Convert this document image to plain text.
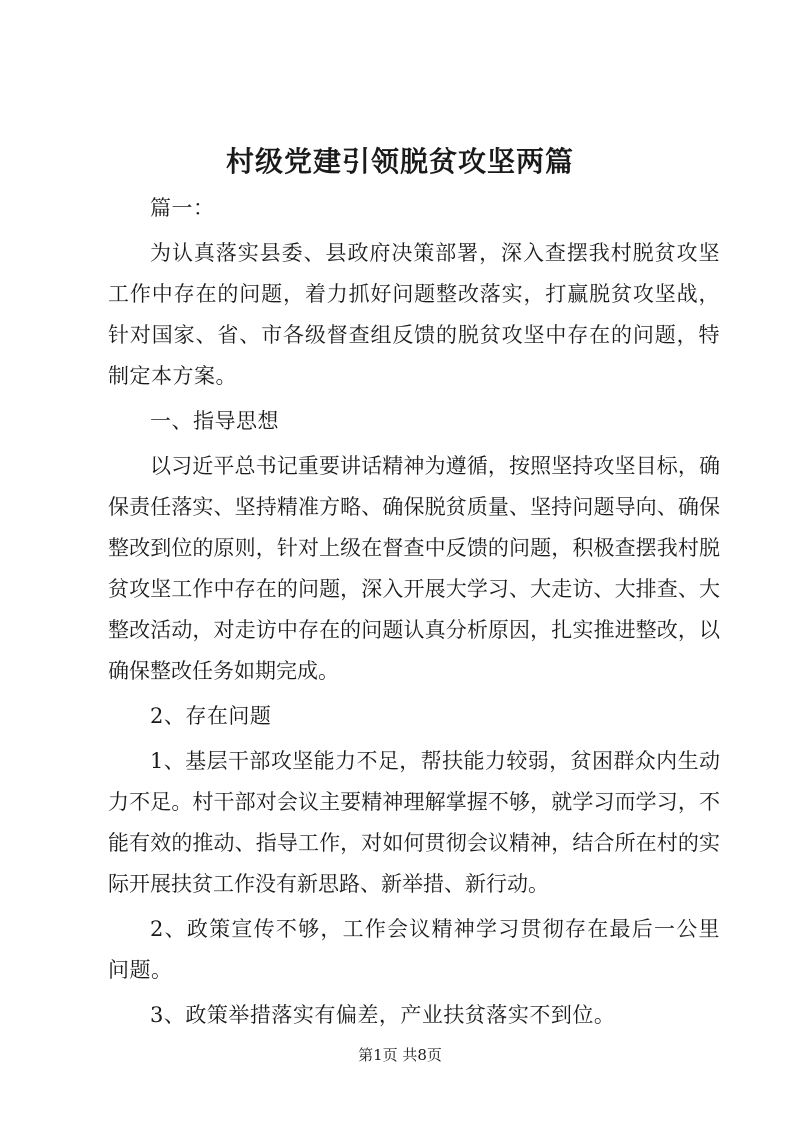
村级党建引领脱贫攻坚两篇

篇一：

为认真落实县委、县政府决策部署，深入查摆我村脱贫攻坚工作中存在的问题，着力抓好问题整改落实，打赢脱贫攻坚战，针对国家、省、市各级督查组反馈的脱贫攻坚中存在的问题，特制定本方案。

一、指导思想

以习近平总书记重要讲话精神为遵循，按照坚持攻坚目标，确保责任落实、坚持精准方略、确保脱贫质量、坚持问题导向、确保整改到位的原则，针对上级在督查中反馈的问题，积极查摆我村脱贫攻坚工作中存在的问题，深入开展大学习、大走访、大排查、大整改活动，对走访中存在的问题认真分析原因，扎实推进整改，以确保整改任务如期完成。

2、存在问题

1、基层干部攻坚能力不足，帮扶能力较弱，贫困群众内生动力不足。村干部对会议主要精神理解掌握不够，就学习而学习，不能有效的推动、指导工作，对如何贯彻会议精神，结合所在村的实际开展扶贫工作没有新思路、新举措、新行动。

2、政策宣传不够，工作会议精神学习贯彻存在最后一公里问题。

3、政策举措落实有偏差，产业扶贫落实不到位。

第1页 共8页
